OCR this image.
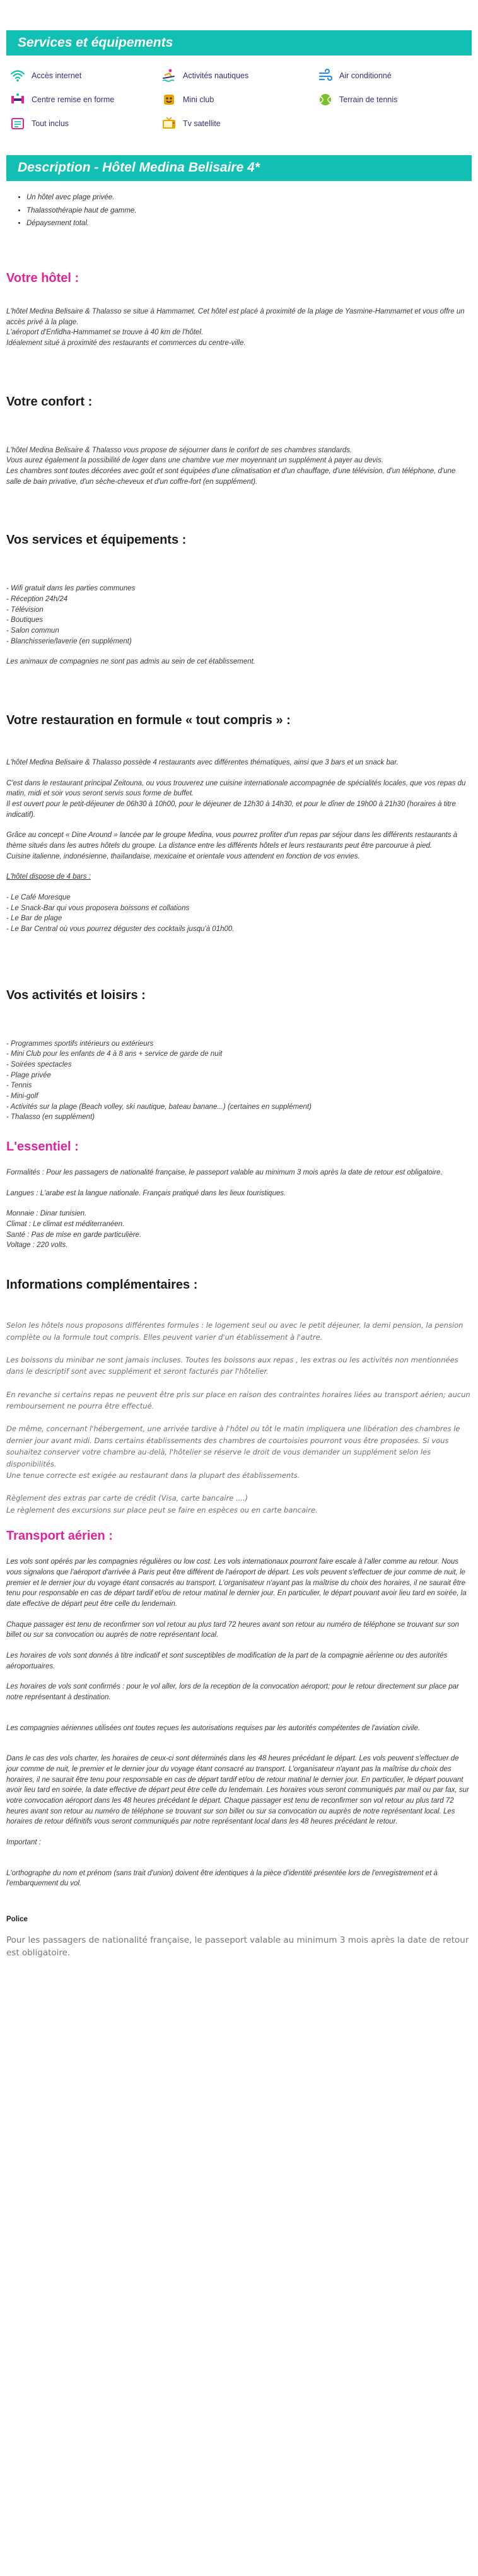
Services et équipements
Accès internet	Activités nautiques	Air conditionné
Centre remise en forme	Mini club	Terrain de tennis
Tout inclus	Tv satellite
Description - Hôtel Medina Belisaire 4*
• Un hôtel avec plage privée.
• Thalassothérapie haut de gamme.
• Dépaysement total.
Votre hôtel :

L'hôtel Medina Belisaire & Thalasso se situe à Hammamet. Cet hôtel est placé à proximité de la plage de Yasmine-Hammamet et vous offre un accès privé à la plage.

L'aéroport d'Enfidha-Hammamet se trouve à 40 km de l'hôtel.

Idéalement situé à proximité des restaurants et commerces du centre-ville.

Votre confort :

L'hôtel Medina Belisaire & Thalasso vous propose de séjourner dans le confort de ses chambres standards.

Vous aurez également la possibilité de loger dans une chambre vue mer moyennant un supplément à payer au devis.

Les chambres sont toutes décorées avec goût et sont équipées d'une climatisation et d'un chauffage, d'une télévision, d'un téléphone, d'une salle de bain privative, d'un sèche-cheveux et d'un coffre-fort (en supplément).

Vos services et équipements :

- Wifi gratuit dans les parties communes

- Réception 24h/24

- Télévision

- Boutiques

- Salon commun

- Blanchisserie/laverie (en supplément)

Les animaux de compagnies ne sont pas admis au sein de cet établissement.

Votre restauration en formule « tout compris » :

L'hôtel Medina Belisaire & Thalasso possède 4 restaurants avec différentes thématiques, ainsi que 3 bars et un snack bar.

C'est dans le restaurant principal Zeitouna, ou vous trouverez une cuisine internationale accompagnée de spécialités locales, que vos repas du matin, midi et soir vous seront servis sous forme de buffet.

Il est ouvert pour le petit-déjeuner de 06h30 à 10h00, pour le déjeuner de 12h30 à 14h30, et pour le dîner de 19h00 à 21h30 (horaires à titre indicatif).

Grâce au concept « Dine Around » lancée par le groupe Medina, vous pourrez profiter d'un repas par séjour dans les différents restaurants à thème situés dans les autres hôtels du groupe. La distance entre les différents hôtels et leurs restaurants peut être parcourue à pied.

Cuisine italienne, indonésienne, thaïlandaise, mexicaine et orientale vous attendent en fonction de vos envies.

L'hôtel dispose de 4 bars :

- Le Café Moresque

- Le Snack-Bar qui vous proposera boissons et collations

- Le Bar de plage

- Le Bar Central où vous pourrez déguster des cocktails jusqu'à 01h00.

Vos activités et loisirs :

- Programmes sportifs intérieurs ou extérieurs

- Mini Club pour les enfants de 4 à 8 ans + service de garde de nuit

- Soirées spectacles

- Plage privée

- Tennis

- Mini-golf

- Activités sur la plage (Beach volley, ski nautique, bateau banane...) (certaines en supplément)

- Thalasso (en supplément)

L'essentiel :

Formalités : Pour les passagers de nationalité française, le passeport valable au minimum 3 mois après la date de retour est obligatoire.

Langues : L'arabe est la langue nationale. Français pratiqué dans les lieux touristiques.

Monnaie : Dinar tunisien.

Climat : Le climat est méditerranéen.

Santé : Pas de mise en garde particulière.

Voltage : 220 volts.

Informations complémentaires :

Selon les hôtels nous proposons différentes formules : le logement seul ou avec le petit déjeuner, la demi pension, la pension complète ou la formule tout compris. Elles peuvent varier d'un établissement à l'autre.

Les boissons du minibar ne sont jamais incluses. Toutes les boissons aux repas , les extras ou les activités non mentionnées dans le descriptif sont avec supplément et seront facturés par l'hôtelier.

En revanche si certains repas ne peuvent être pris sur place en raison des contraintes horaires liées au transport aérien; aucun remboursement ne pourra être effectué.

De même, concernant l'hébergement, une arrivée tardive à l'hôtel ou tôt le matin impliquera une libération des chambres le dernier jour avant midi. Dans certains établissements des chambres de courtoisies pourront vous être proposées. Si vous souhaitez conserver votre chambre au-delà, l'hôtelier se réserve le droit de vous demander un supplément selon les disponibilités.

Une tenue correcte est exigée au restaurant dans la plupart des établissements.

Règlement des extras par carte de crédit (Visa, carte bancaire ....)

Le règlement des excursions sur place peut se faire en espèces ou en carte bancaire.

Transport aérien :

Les vols sont opérés par les compagnies régulières ou low cost. Les vols internationaux pourront faire escale à l'aller comme au retour. Nous vous signalons que l'aéroport d'arrivée à Paris peut être différent de l'aéroport de départ. Les vols peuvent s'effectuer de jour comme de nuit, le premier et le dernier jour du voyage étant consacrés au transport. L'organisateur n'ayant pas la maîtrise du choix des horaires, il ne saurait être tenu pour responsable en cas de départ tardif et/ou de retour matinal le dernier jour. En particulier, le départ pouvant avoir lieu tard en soirée, la date effective de départ peut être celle du lendemain.

Chaque passager est tenu de reconfirmer son vol retour au plus tard 72 heures avant son retour au numéro de téléphone se trouvant sur son billet ou sur sa convocation ou auprès de notre représentant local.

Les horaires de vols sont donnés à titre indicatif et sont susceptibles de modification de la part de la compagnie aérienne ou des autorités aéroportuaires.

Les horaires de vols sont confirmés : pour le vol aller, lors de la reception de la convocation aéroport; pour le retour directement sur place par notre représentant à destination.

Les compagnies aériennes utilisées ont toutes reçues les autorisations requises par les autorités compétentes de l'aviation civile.

Dans le cas des vols charter, les horaires de ceux-ci sont déterminés dans les 48 heures précédant le départ. Les vols peuvent s'effectuer de jour comme de nuit, le premier et le dernier jour du voyage étant consacré au transport. L'organisateur n'ayant pas la maîtrise du choix des horaires, il ne saurait être tenu pour responsable en cas de départ tardif et/ou de retour matinal le dernier jour. En particulier, le départ pouvant avoir lieu tard en soirée, la date effective de départ peut être celle du lendemain. Les horaires vous seront communiqués par mail ou par fax, sur votre convocation aéroport dans les 48 heures précédant le départ. Chaque passager est tenu de reconfirmer son vol retour au plus tard 72 heures avant son retour au numéro de téléphone se trouvant sur son billet ou sur sa convocation ou auprès de notre représentant local. Les horaires de retour définitifs vous seront communiqués par notre représentant local dans les 48 heures précédant le retour.

Important :

L'orthographe du nom et prénom (sans trait d'union) doivent être identiques à la pièce d'identité présentée lors de l'enregistrement et à l'embarquement du vol.

Police

Pour les passagers de nationalité française, le passeport valable au minimum 3 mois après la date de retour est obligatoire.
